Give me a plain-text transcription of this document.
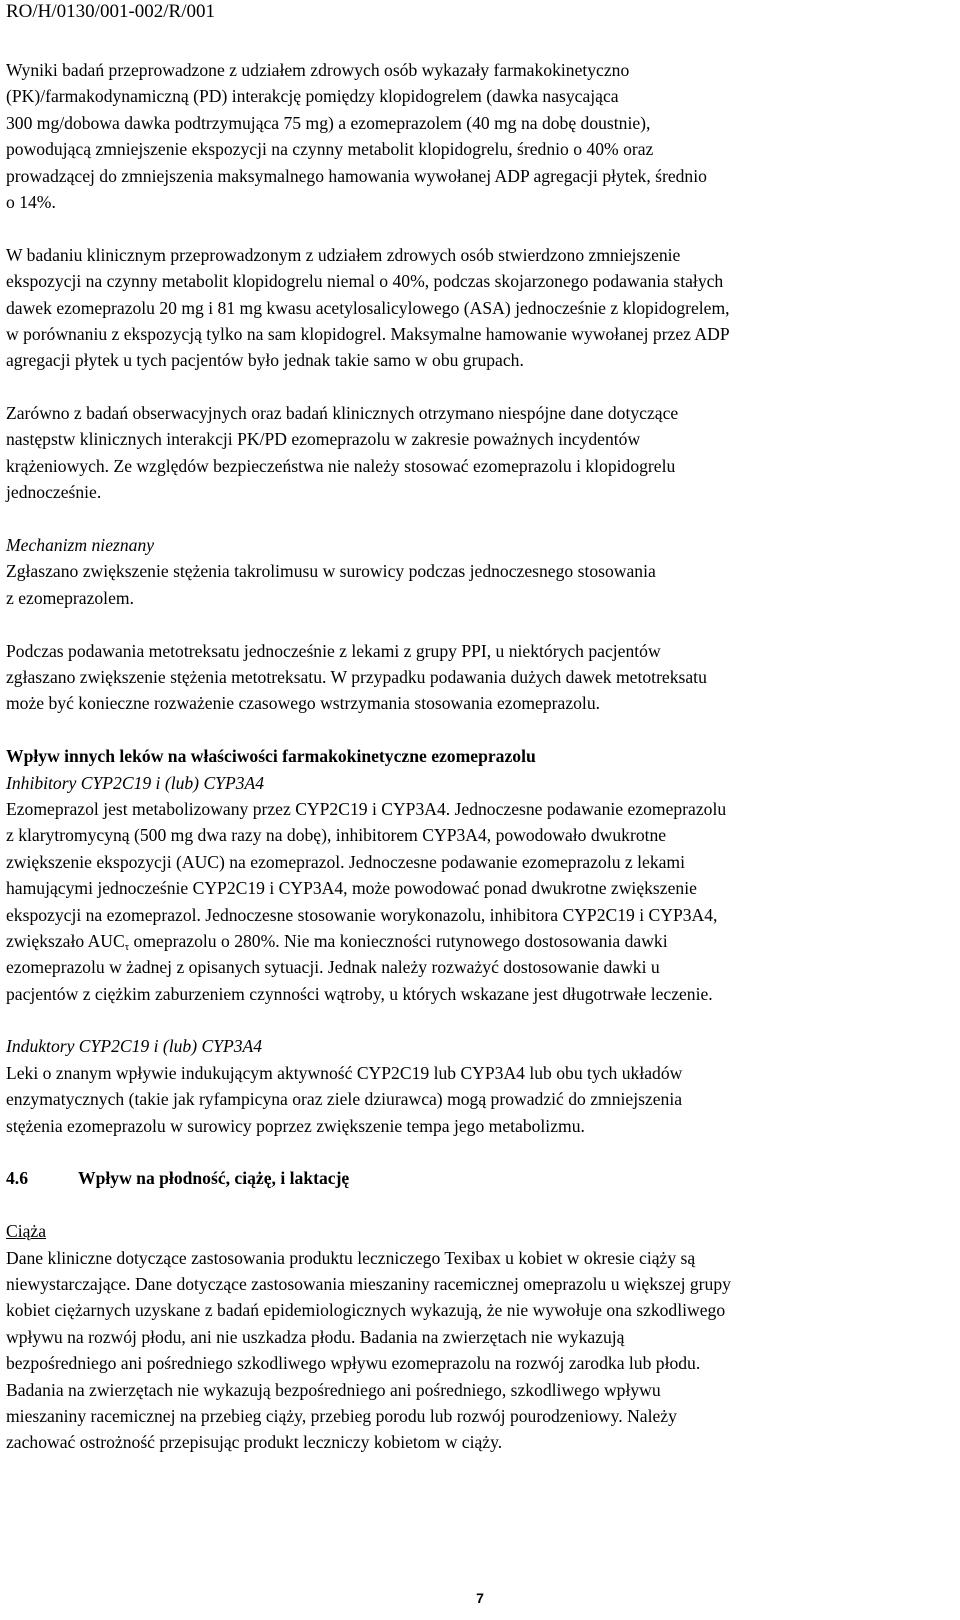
RO/H/0130/001-002/R/001
Wyniki badań przeprowadzone z udziałem zdrowych osób wykazały farmakokinetyczno
(PK)/farmakodynamiczną (PD) interakcję pomiędzy klopidogrelem (dawka nasycająca
300 mg/dobowa dawka podtrzymująca 75 mg) a ezomeprazolem (40 mg na dobę doustnie),
powodującą zmniejszenie ekspozycji na czynny metabolit klopidogrelu, średnio o 40% oraz
prowadzącej do zmniejszenia maksymalnego hamowania wywołanej ADP agregacji płytek, średnio
o 14%.
W badaniu klinicznym przeprowadzonym z udziałem zdrowych osób stwierdzono zmniejszenie
ekspozycji na czynny metabolit klopidogrelu niemal o 40%, podczas skojarzonego podawania stałych
dawek ezomeprazolu 20 mg i 81 mg kwasu acetylosalicylowego (ASA) jednocześnie z klopidogrelem,
w porównaniu z ekspozycją tylko na sam klopidogrel. Maksymalne hamowanie wywołanej przez ADP
agregacji płytek u tych pacjentów było jednak takie samo w obu grupach.
Zarówno z badań obserwacyjnych oraz badań klinicznych otrzymano niespójne dane dotyczące
następstw klinicznych interakcji PK/PD ezomeprazolu w zakresie poważnych incydentów
krążeniowych. Ze względów bezpieczeństwa nie należy stosować ezomeprazolu i klopidogrelu
jednocześnie.
Mechanizm nieznany
Zgłaszano zwiększenie stężenia takrolimusu w surowicy podczas jednoczesnego stosowania
z ezomeprazolem.
Podczas podawania metotreksatu jednocześnie z lekami z grupy PPI, u niektórych pacjentów
zgłaszano zwiększenie stężenia metotreksatu. W przypadku podawania dużych dawek metotreksatu
może być konieczne rozważenie czasowego wstrzymania stosowania ezomeprazolu.
Wpływ innych leków na właściwości farmakokinetyczne ezomeprazolu
Inhibitory CYP2C19 i (lub) CYP3A4
Ezomeprazol jest metabolizowany przez CYP2C19 i CYP3A4. Jednoczesne podawanie ezomeprazolu
z klarytromycyną (500 mg dwa razy na dobę), inhibitorem CYP3A4, powodowało dwukrotne
zwiększenie ekspozycji (AUC) na ezomeprazol. Jednoczesne podawanie ezomeprazolu z lekami
hamującymi jednocześnie CYP2C19 i CYP3A4, może powodować ponad dwukrotne zwiększenie
ekspozycji na ezomeprazol. Jednoczesne stosowanie worykonazolu, inhibitora CYP2C19 i CYP3A4,
zwiększało $AUC_\tau$ omeprazolu o 280%. Nie ma konieczności rutynowego dostosowania dawki
ezomeprazolu w żadnej z opisanych sytuacji. Jednak należy rozważyć dostosowanie dawki u
pacjentów z ciężkim zaburzeniem czynności wątroby, u których wskazane jest długotrwałe leczenie.
Induktory CYP2C19 i (lub) CYP3A4
Leki o znanym wpływie indukującym aktywność CYP2C19 lub CYP3A4 lub obu tych układów
enzymatycznych (takie jak ryfampicyna oraz ziele dziurawca) mogą prowadzić do zmniejszenia
stężenia ezomeprazolu w surowicy poprzez zwiększenie tempa jego metabolizmu.
4.6	Wpływ na płodność, ciążę, i laktację
Ciąża
Dane kliniczne dotyczące zastosowania produktu leczniczego Texibax u kobiet w okresie ciąży są
niewystarczające. Dane dotyczące zastosowania mieszaniny racemicznej omeprazolu u większej grupy
kobiet ciężarnych uzyskane z badań epidemiologicznych wykazują, że nie wywołuje ona szkodliwego
wpływu na rozwój płodu, ani nie uszkadza płodu. Badania na zwierzętach nie wykazują
bezpośredniego ani pośredniego szkodliwego wpływu ezomeprazolu na rozwój zarodka lub płodu.
Badania na zwierzętach nie wykazują bezpośredniego ani pośredniego, szkodliwego wpływu
mieszaniny racemicznej na przebieg ciąży, przebieg porodu lub rozwój pourodzeniowy. Należy
zachować ostrożność przepisując produkt leczniczy kobietom w ciąży.
7
